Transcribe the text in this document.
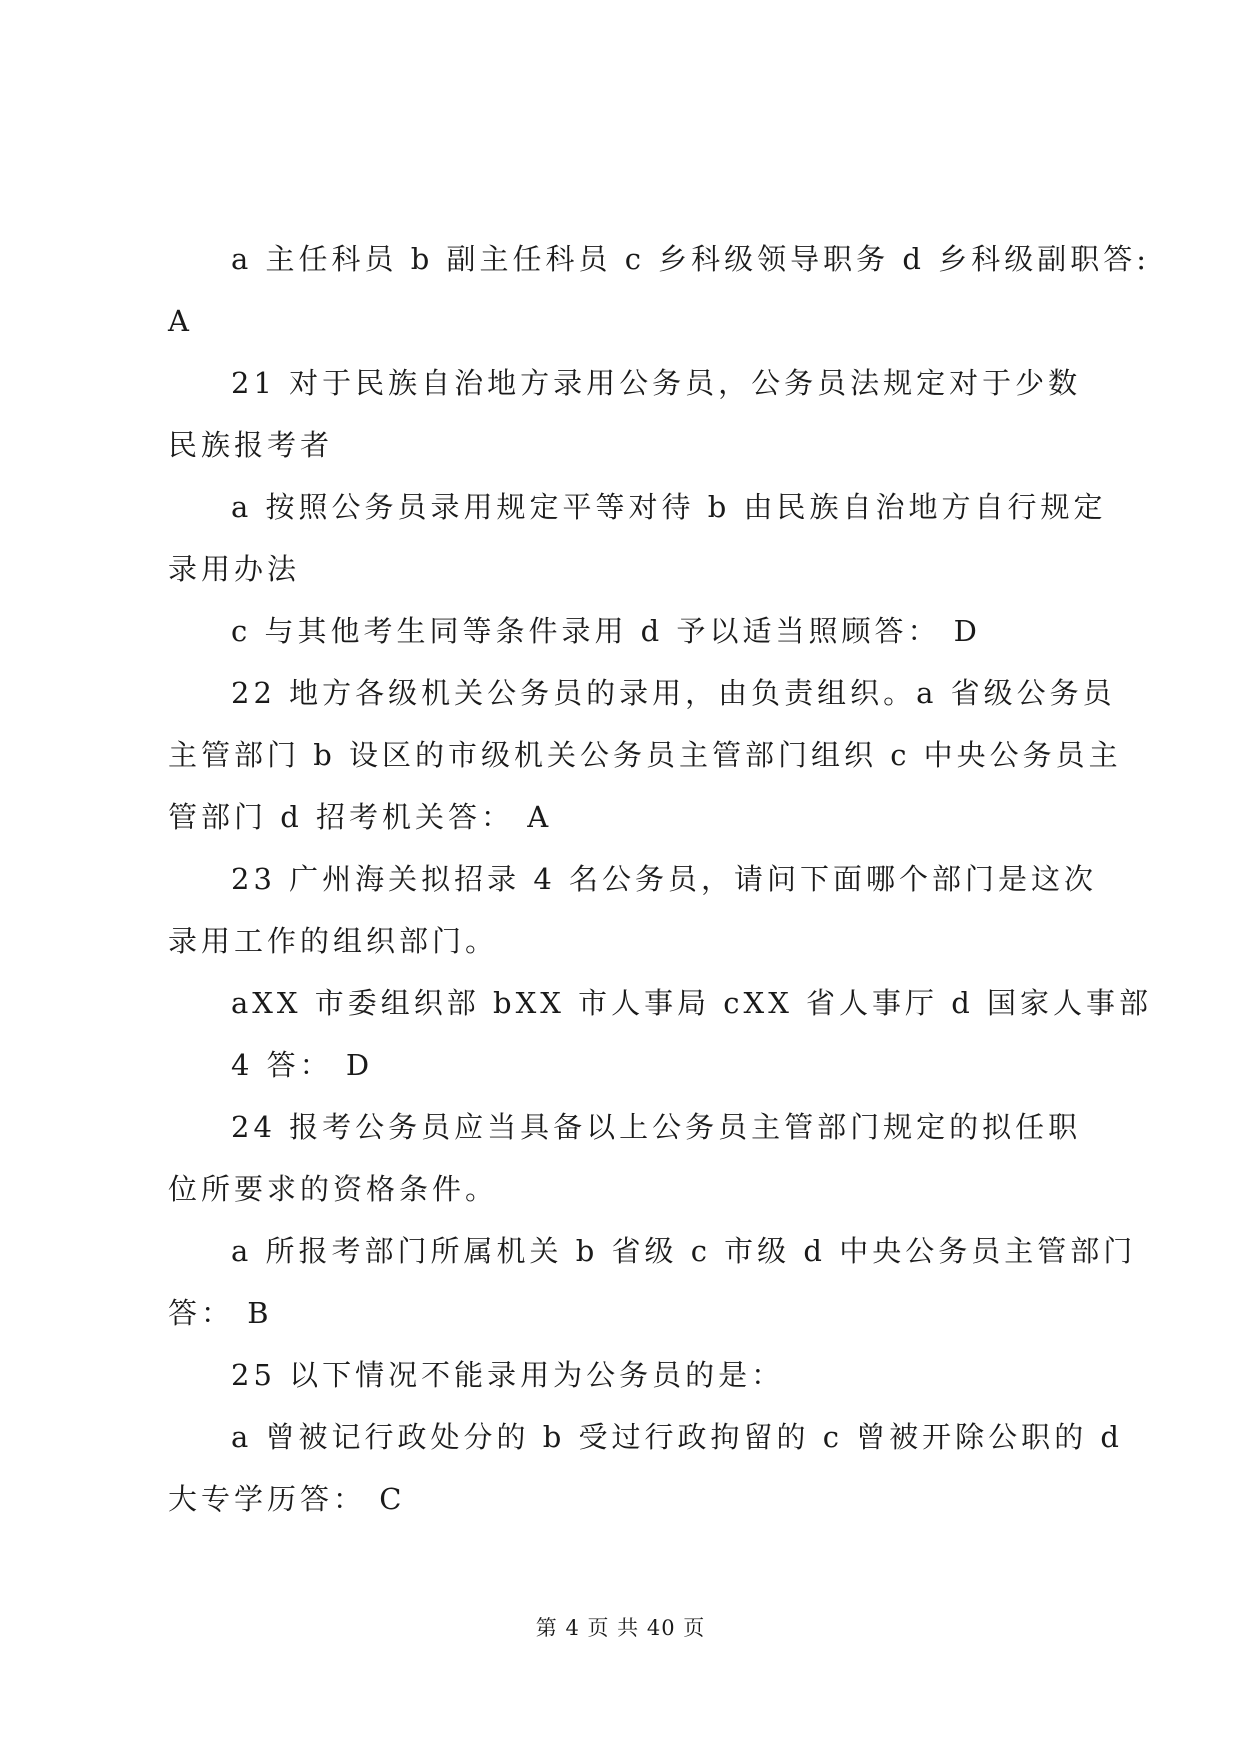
a 主任科员 b 副主任科员 c 乡科级领导职务 d 乡科级副职答:
A
21 对于民族自治地方录用公务员，公务员法规定对于少数
民族报考者
a 按照公务员录用规定平等对待 b 由民族自治地方自行规定
录用办法
c 与其他考生同等条件录用 d 予以适当照顾答： D
22 地方各级机关公务员的录用，由负责组织。a 省级公务员
主管部门 b 设区的市级机关公务员主管部门组织 c 中央公务员主
管部门 d 招考机关答： A
23 广州海关拟招录 4 名公务员，请问下面哪个部门是这次
录用工作的组织部门。
aXX 市委组织部 bXX 市人事局 cXX 省人事厅 d 国家人事部
4 答： D
24 报考公务员应当具备以上公务员主管部门规定的拟任职
位所要求的资格条件。
a 所报考部门所属机关 b 省级 c 市级 d 中央公务员主管部门
答： B
25 以下情况不能录用为公务员的是：
a 曾被记行政处分的 b 受过行政拘留的 c 曾被开除公职的 d
大专学历答： C
第 4 页 共 40 页
